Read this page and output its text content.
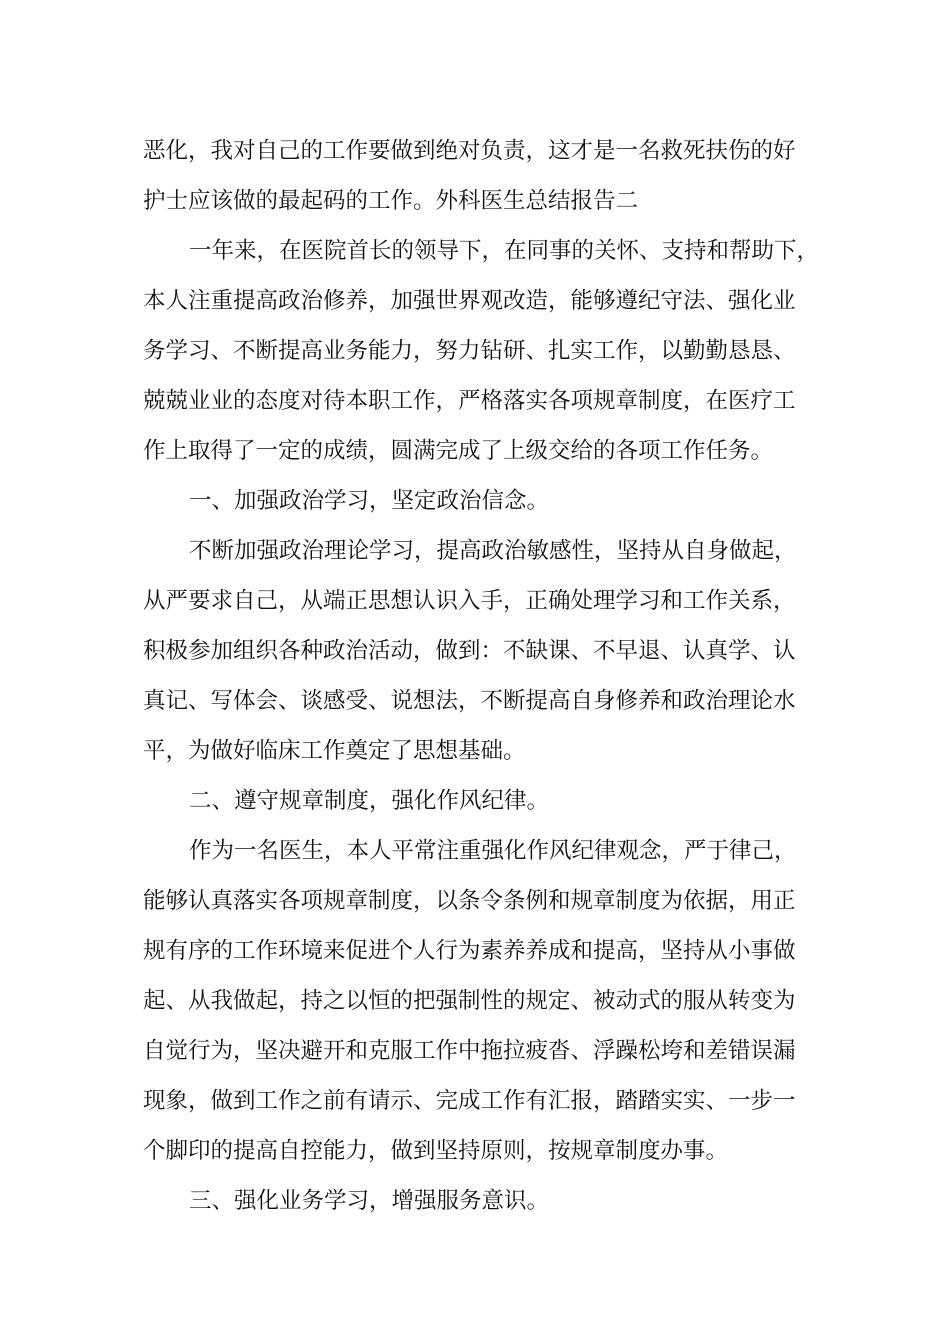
恶化，我对自己的工作要做到绝对负责，这才是一名救死扶伤的好
护士应该做的最起码的工作。外科医生总结报告二
一年来，在医院首长的领导下，在同事的关怀、支持和帮助下，
本人注重提高政治修养，加强世界观改造，能够遵纪守法、强化业
务学习、不断提高业务能力，努力钻研、扎实工作，以勤勤恳恳、
兢兢业业的态度对待本职工作，严格落实各项规章制度，在医疗工
作上取得了一定的成绩，圆满完成了上级交给的各项工作任务。
一、加强政治学习，坚定政治信念。
不断加强政治理论学习，提高政治敏感性，坚持从自身做起，
从严要求自己，从端正思想认识入手，正确处理学习和工作关系，
积极参加组织各种政治活动，做到：不缺课、不早退、认真学、认
真记、写体会、谈感受、说想法，不断提高自身修养和政治理论水
平，为做好临床工作奠定了思想基础。
二、遵守规章制度，强化作风纪律。
作为一名医生，本人平常注重强化作风纪律观念，严于律己，
能够认真落实各项规章制度，以条令条例和规章制度为依据，用正
规有序的工作环境来促进个人行为素养养成和提高，坚持从小事做
起、从我做起，持之以恒的把强制性的规定、被动式的服从转变为
自觉行为，坚决避开和克服工作中拖拉疲沓、浮躁松垮和差错误漏
现象，做到工作之前有请示、完成工作有汇报，踏踏实实、一步一
个脚印的提高自控能力，做到坚持原则，按规章制度办事。
三、强化业务学习，增强服务意识。
